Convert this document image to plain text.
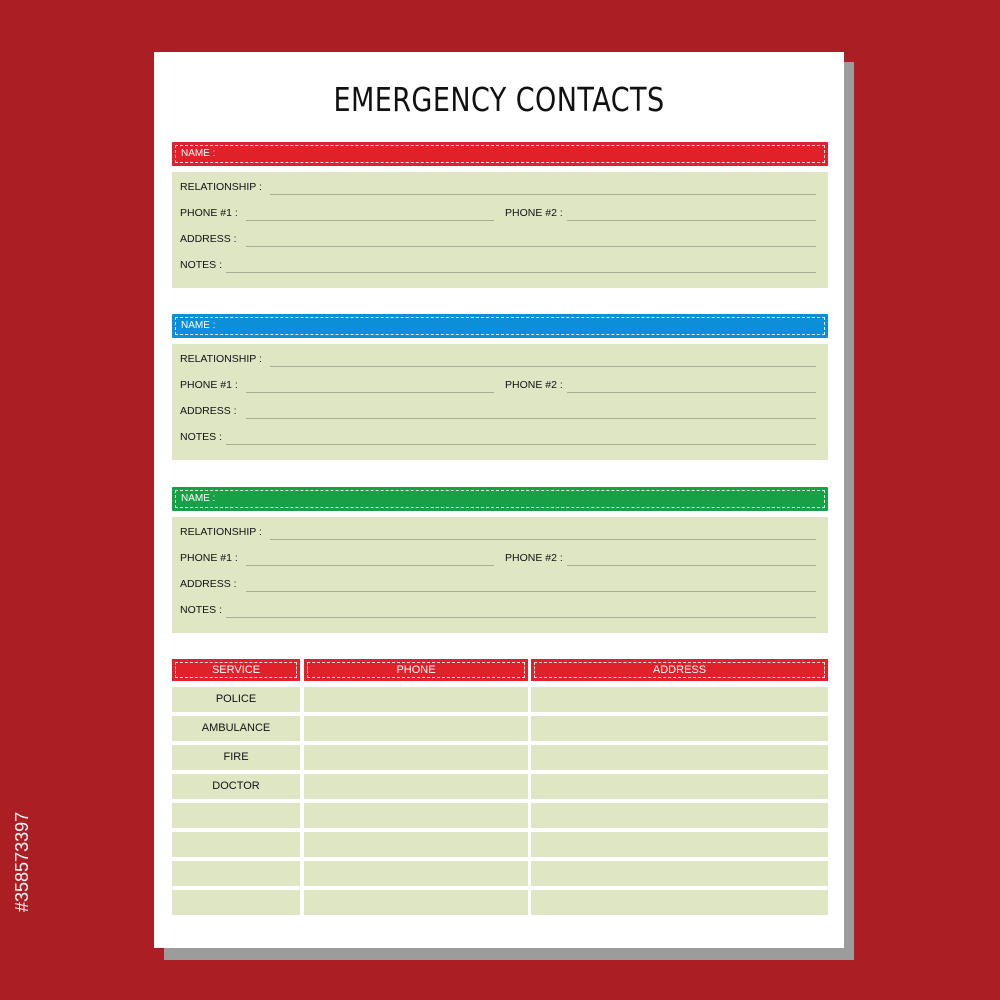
EMERGENCY CONTACTS
NAME :
RELATIONSHIP :
PHONE #1 :	PHONE #2 :
ADDRESS :
NOTES :
NAME :
RELATIONSHIP :
PHONE #1 :	PHONE #2 :
ADDRESS :
NOTES :
NAME :
RELATIONSHIP :
PHONE #1 :	PHONE #2 :
ADDRESS :
NOTES :
SERVICE	PHONE	ADDRESS
POLICE
AMBULANCE
FIRE
DOCTOR
#358573397
